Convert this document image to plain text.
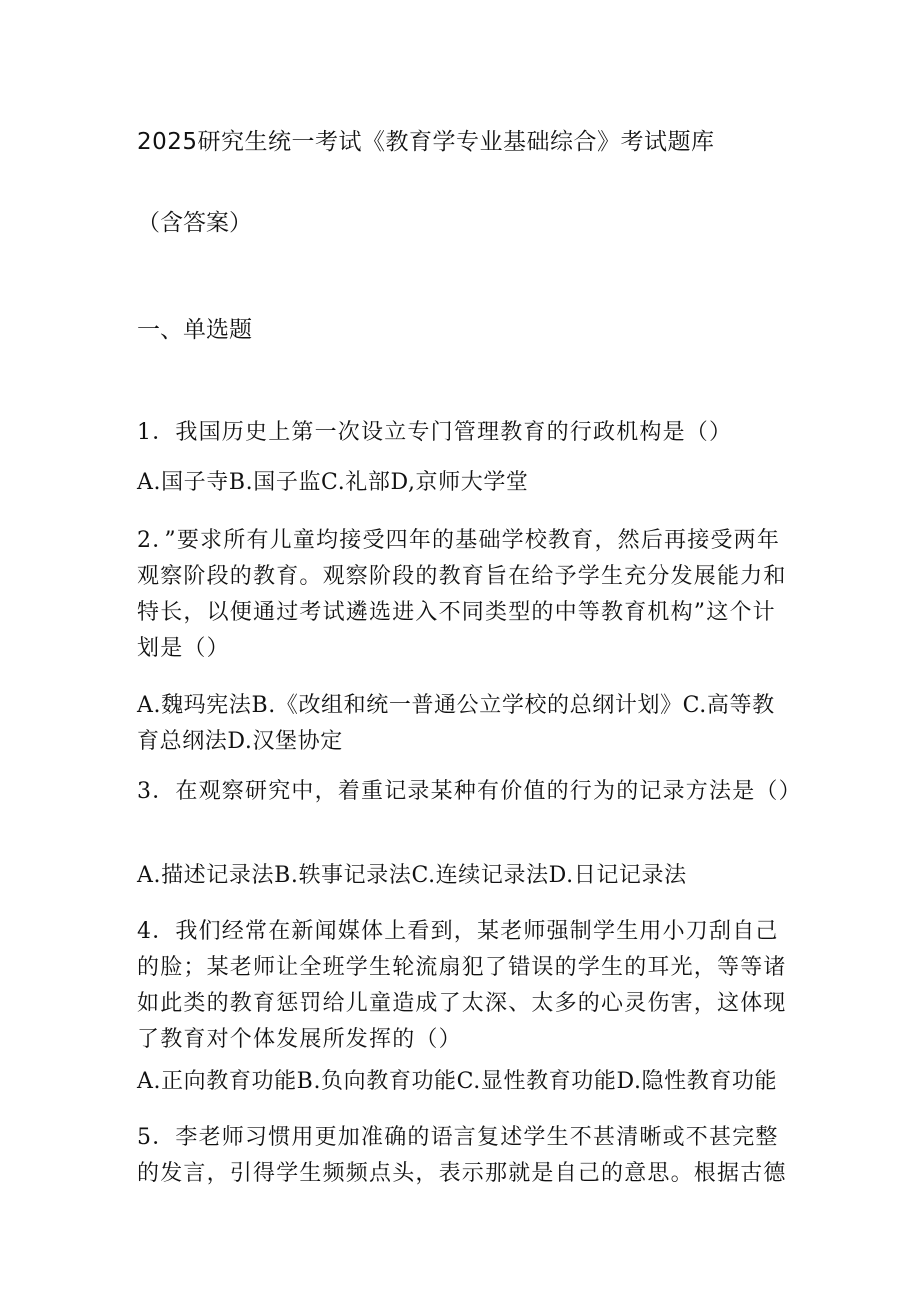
2025研究生统一考试《教育学专业基础综合》考试题库
（含答案）
一、单选题
1．我国历史上第一次设立专门管理教育的行政机构是（）
A.国子寺B.国子监C.礼部D,京师大学堂
2．”要求所有儿童均接受四年的基础学校教育，然后再接受两年观察阶段的教育。观察阶段的教育旨在给予学生充分发展能力和特长，以便通过考试遴选进入不同类型的中等教育机构”这个计划是（）
A.魏玛宪法B.《改组和统一普通公立学校的总纲计划》C.高等教育总纲法D.汉堡协定
3．在观察研究中，着重记录某种有价值的行为的记录方法是（）
A.描述记录法B.轶事记录法C.连续记录法D.日记记录法
4．我们经常在新闻媒体上看到，某老师强制学生用小刀刮自己的脸；某老师让全班学生轮流扇犯了错误的学生的耳光，等等诸如此类的教育惩罚给儿童造成了太深、太多的心灵伤害，这体现了教育对个体发展所发挥的（）
A.正向教育功能B.负向教育功能C.显性教育功能D.隐性教育功能
5．李老师习惯用更加准确的语言复述学生不甚清晰或不甚完整的发言，引得学生频频点头，表示那就是自己的意思。根据古德
